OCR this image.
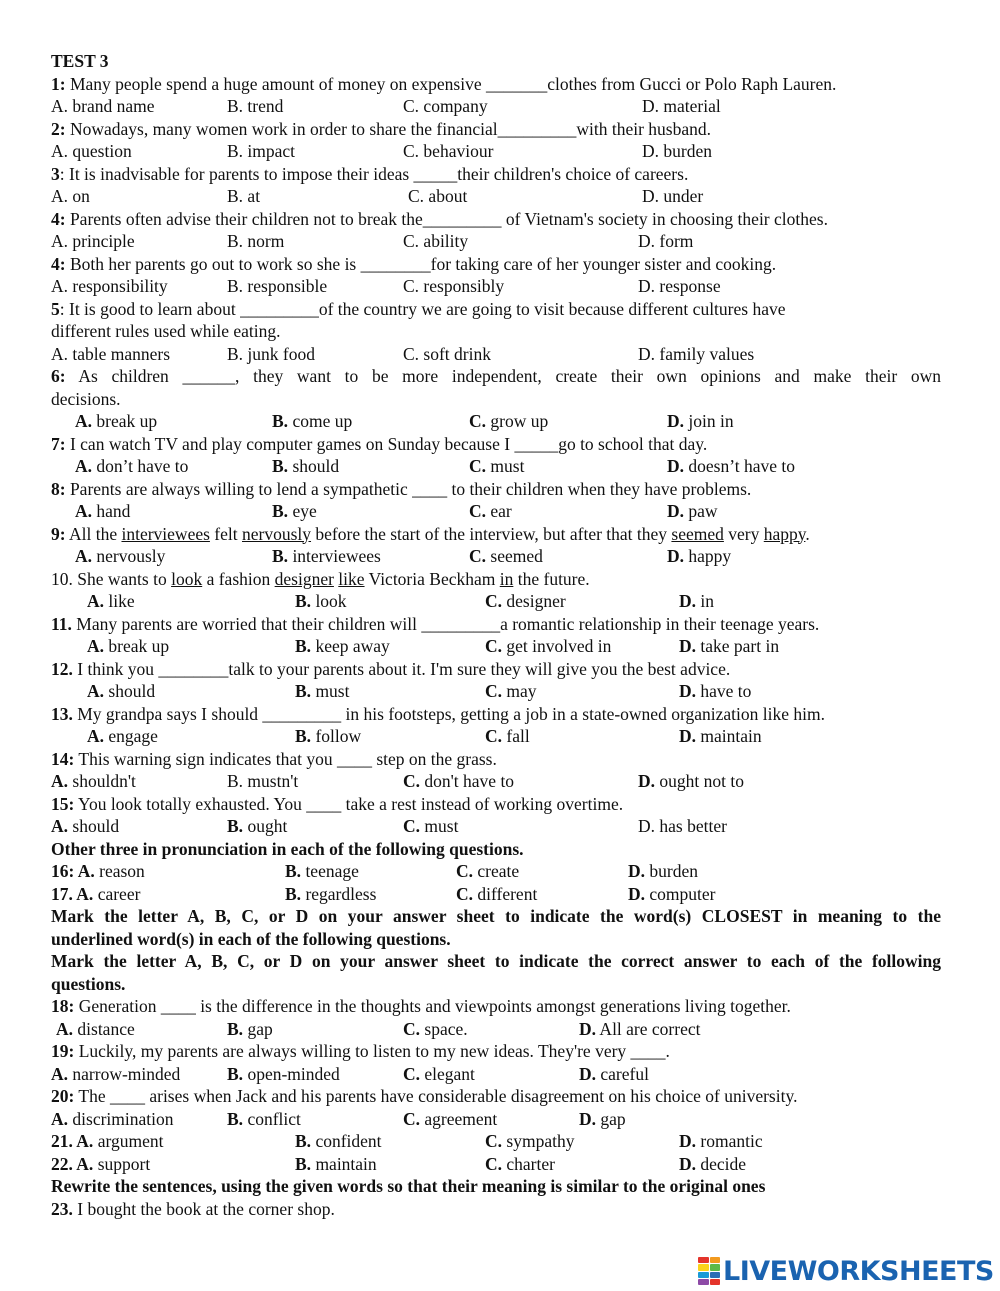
TEST 3
1: Many people spend a huge amount of money on expensive _______clothes from Gucci or Polo Raph Lauren.
A. brand name	B. trend	C. company	D. material
2: Nowadays, many women work in order to share the financial_________with their husband.
A. question	B. impact	C. behaviour	D. burden
3: It is inadvisable for parents to impose their ideas _____their children's choice of careers.
A. on	B. at	C. about	D. under
4: Parents often advise their children not to break the_________ of Vietnam's society in choosing their clothes.
A. principle	B. norm	C. ability	D. form
4: Both her parents go out to work so she is ________for taking care of her younger sister and cooking.
A. responsibility	B. responsible	C. responsibly	D. response
5: It is good to learn about _________of the country we are going to visit because different cultures have
different rules used while eating.
A. table manners	B. junk food	C. soft drink	D. family values
6: As children ______, they want to be more independent, create their own opinions and make their own
decisions.
A. break up	B. come up	C. grow up	D. join in
7: I can watch TV and play computer games on Sunday because I _____go to school that day.
A. don’t have to	B. should	C. must	D. doesn’t have to
8: Parents are always willing to lend a sympathetic ____ to their children when they have problems.
A. hand	B. eye	C. ear	D. paw
9: All the interviewees felt nervously before the start of the interview, but after that they seemed very happy.
A. nervously	B. interviewees	C. seemed	D. happy
10. She wants to look a fashion designer like Victoria Beckham in the future.
A. like	B. look	C. designer	D. in
11. Many parents are worried that their children will _________a romantic relationship in their teenage years.
A. break up	B. keep away	C. get involved in	D. take part in
12. I think you ________talk to your parents about it. I'm sure they will give you the best advice.
A. should	B. must	C. may	D. have to
13. My grandpa says I should _________ in his footsteps, getting a job in a state-owned organization like him.
A. engage	B. follow	C. fall	D. maintain
14: This warning sign indicates that you ____ step on the grass.
A. shouldn't	B. mustn't	C. don't have to	D. ought not to
15: You look totally exhausted. You ____ take a rest instead of working overtime.
A. should	B. ought	C. must	D. has better
Other three in pronunciation in each of the following questions.
16: A. reason	B. teenage	C. create	D. burden
17. A. career	B. regardless	C. different	D. computer
Mark the letter A, B, C, or D on your answer sheet to indicate the word(s) CLOSEST in meaning to the
underlined word(s) in each of the following questions.
Mark the letter A, B, C, or D on your answer sheet to indicate the correct answer to each of the following
questions.
18: Generation ____ is the difference in the thoughts and viewpoints amongst generations living together.
A. distance	B. gap	C. space.	D. All are correct
19: Luckily, my parents are always willing to listen to my new ideas. They're very ____.
A. narrow-minded	B. open-minded	C. elegant	D. careful
20: The ____ arises when Jack and his parents have considerable disagreement on his choice of university.
A. discrimination	B. conflict	C. agreement	D. gap
21. A. argument	B. confident	C. sympathy	D. romantic
22. A. support	B. maintain	C. charter	D. decide
Rewrite the sentences, using the given words so that their meaning is similar to the original ones
23. I bought the book at the corner shop.
LIVEWORKSHEETS
